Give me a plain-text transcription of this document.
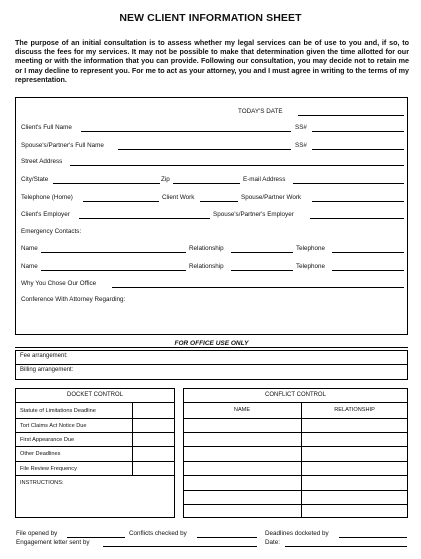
NEW CLIENT INFORMATION SHEET
The purpose of an initial consultation is to assess whether my legal services can be of use to you and, if so, to discuss the fees for my services. It may not be possible to make that determination given the time allotted for our meeting or with the information that you can provide. Following our consultation, you may decide not to retain me or I may decline to represent you. For me to act as your attorney, you and I must agree in writing to the terms of my representation.
TODAY'S DATE
Client's Full Name	SS#
Spouse's/Partner's Full Name	SS#
Street Address
City/State	Zip	E-mail Address
Telephone (Home)	Client Work	Spouse/Partner Work
Client's Employer	Spouse's/Partner's Employer
Emergency Contacts:
Name	Relationship	Telephone
Name	Relationship	Telephone
Why You Chose Our Office
Conference With Attorney Regarding:
FOR OFFICE USE ONLY
Fee arrangement:
Billing arrangement:
DOCKET CONTROL
Statute of Limitations Deadline
Tort Claims Act Notice Due
First Appearance Due
Other Deadlines
File Review Frequency
INSTRUCTIONS:
CONFLICT CONTROL
NAME	RELATIONSHIP
File opened by	Conflicts checked by	Deadlines docketed by
Engagement letter sent by	Date:
